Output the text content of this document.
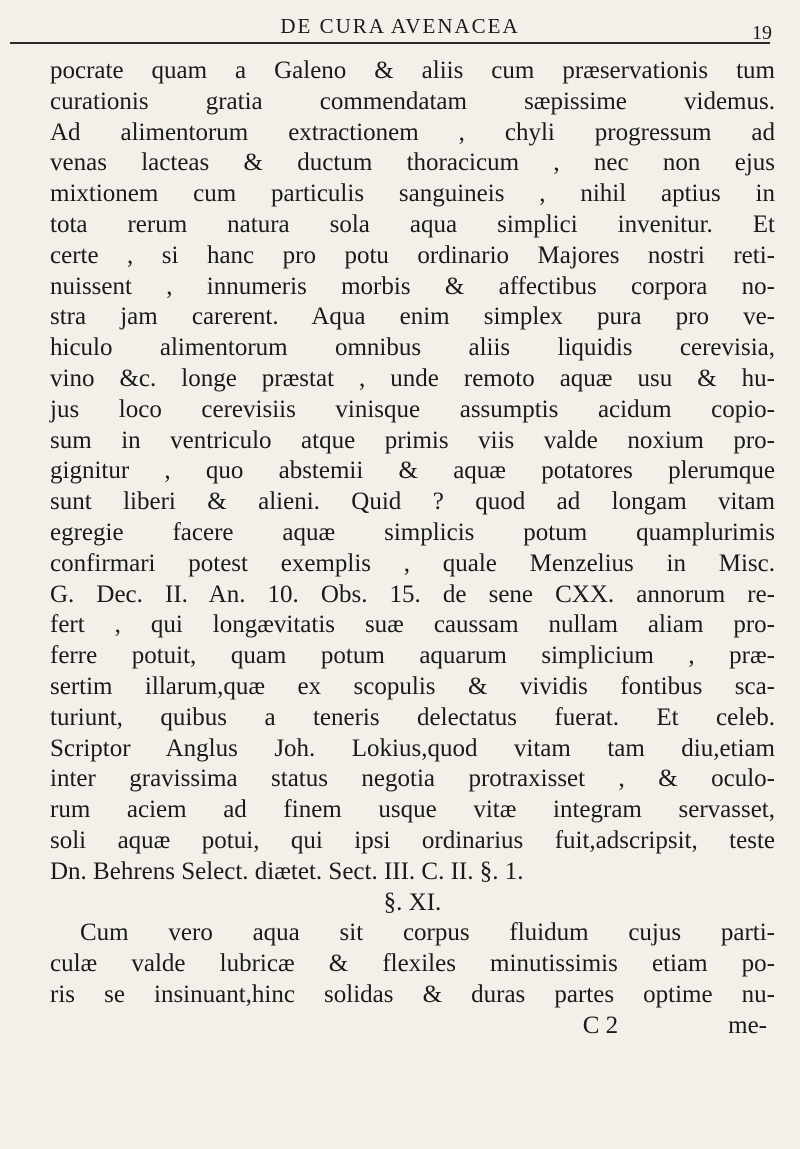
DE CURA AVENACEA	19
pocrate quam a Galeno & aliis cum præservationis tum
curationis gratia commendatam sæpissime videmus.
Ad alimentorum extractionem , chyli progressum ad
venas lacteas & ductum thoracicum , nec non ejus
mixtionem cum particulis sanguineis , nihil aptius in
tota rerum natura sola aqua simplici invenitur. Et
certe , si hanc pro potu ordinario Majores nostri reti-
nuissent , innumeris morbis & affectibus corpora no-
stra jam carerent. Aqua enim simplex pura pro ve-
hiculo alimentorum omnibus aliis liquidis cerevisia,
vino &c. longe præstat , unde remoto aquæ usu & hu-
jus loco cerevisiis vinisque assumptis acidum copio-
sum in ventriculo atque primis viis valde noxium pro-
gignitur , quo abstemii & aquæ potatores plerumque
sunt liberi & alieni. Quid ? quod ad longam vitam
egregie facere aquæ simplicis potum quamplurimis
confirmari potest exemplis , quale Menzelius in Misc.
G. Dec. II. An. 10. Obs. 15. de sene CXX. annorum re-
fert , qui longævitatis suæ caussam nullam aliam pro-
ferre potuit, quam potum aquarum simplicium , præ-
sertim illarum,quæ ex scopulis & vividis fontibus sca-
turiunt, quibus a teneris delectatus fuerat. Et celeb.
Scriptor Anglus Joh. Lokius,quod vitam tam diu,etiam
inter gravissima status negotia protraxisset , & oculo-
rum aciem ad finem usque vitæ integram servasset,
soli aquæ potui, qui ipsi ordinarius fuit,adscripsit, teste
Dn. Behrens Select. diætet. Sect. III. C. II. §. 1.
§. XI.
Cum vero aqua sit corpus fluidum cujus parti-
culæ valde lubricæ & flexiles minutissimis etiam po-
ris se insinuant,hinc solidas & duras partes optime nu-
C 2	me-
